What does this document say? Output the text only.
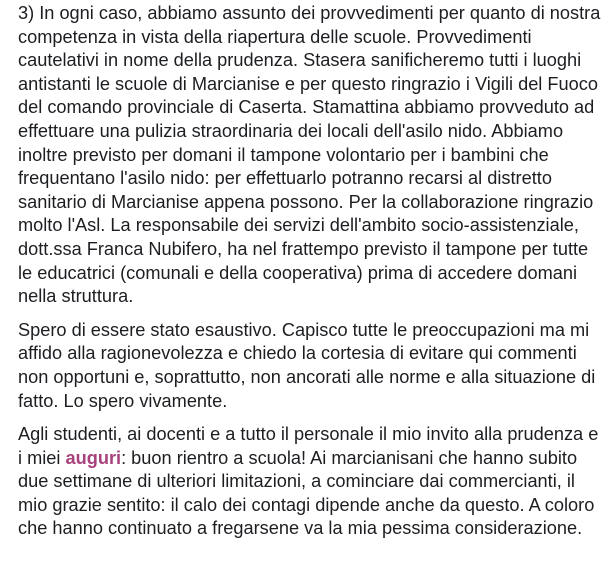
3) In ogni caso, abbiamo assunto dei provvedimenti per quanto di nostra competenza in vista della riapertura delle scuole. Provvedimenti cautelativi in nome della prudenza. Stasera sanificheremo tutti i luoghi antistanti le scuole di Marcianise e per questo ringrazio i Vigili del Fuoco del comando provinciale di Caserta. Stamattina abbiamo provveduto ad effettuare una pulizia straordinaria dei locali dell'asilo nido. Abbiamo inoltre previsto per domani il tampone volontario per i bambini che frequentano l'asilo nido: per effettuarlo potranno recarsi al distretto sanitario di Marcianise appena possono. Per la collaborazione ringrazio molto l'Asl. La responsabile dei servizi dell'ambito socio-assistenziale, dott.ssa Franca Nubifero, ha nel frattempo previsto il tampone per tutte le educatrici (comunali e della cooperativa) prima di accedere domani nella struttura.

Spero di essere stato esaustivo. Capisco tutte le preoccupazioni ma mi affido alla ragionevolezza e chiedo la cortesia di evitare qui commenti non opportuni e, soprattutto, non ancorati alle norme e alla situazione di fatto. Lo spero vivamente.

Agli studenti, ai docenti e a tutto il personale il mio invito alla prudenza e i miei auguri: buon rientro a scuola! Ai marcianisani che hanno subito due settimane di ulteriori limitazioni, a cominciare dai commercianti, il mio grazie sentito: il calo dei contagi dipende anche da questo. A coloro che hanno continuato a fregarsene va la mia pessima considerazione.
